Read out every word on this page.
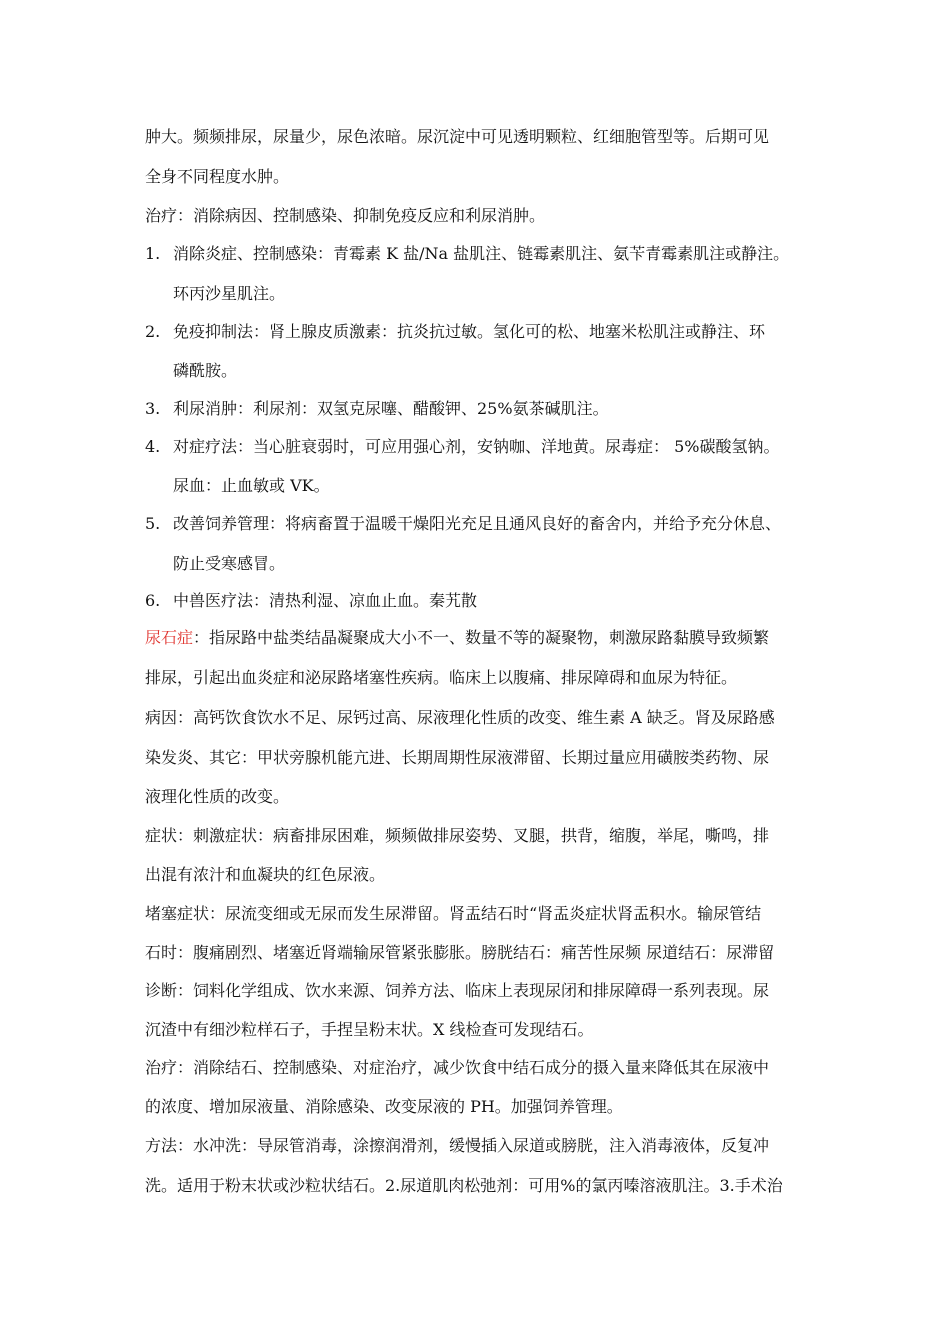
肿大。频频排尿，尿量少，尿色浓暗。尿沉淀中可见透明颗粒、红细胞管型等。后期可见
全身不同程度水肿。
治疗：消除病因、控制感染、抑制免疫反应和利尿消肿。
1. 消除炎症、控制感染：青霉素 K 盐/Na 盐肌注、链霉素肌注、氨苄青霉素肌注或静注。
环丙沙星肌注。
2. 免疫抑制法：肾上腺皮质激素：抗炎抗过敏。氢化可的松、地塞米松肌注或静注、环
磷酰胺。
3. 利尿消肿：利尿剂：双氢克尿噻、醋酸钾、25%氨茶碱肌注。
4. 对症疗法：当心脏衰弱时，可应用强心剂，安钠咖、洋地黄。尿毒症： 5%碳酸氢钠。
尿血：止血敏或 VK。
5. 改善饲养管理：将病畜置于温暖干燥阳光充足且通风良好的畜舍内，并给予充分休息、
防止受寒感冒。
6. 中兽医疗法：清热利湿、凉血止血。秦艽散
尿石症：指尿路中盐类结晶凝聚成大小不一、数量不等的凝聚物，刺激尿路黏膜导致频繁
排尿，引起出血炎症和泌尿路堵塞性疾病。临床上以腹痛、排尿障碍和血尿为特征。
病因：高钙饮食饮水不足、尿钙过高、尿液理化性质的改变、维生素 A 缺乏。肾及尿路感
染发炎、其它：甲状旁腺机能亢进、长期周期性尿液滞留、长期过量应用磺胺类药物、尿
液理化性质的改变。
症状：刺激症状：病畜排尿困难，频频做排尿姿势、叉腿，拱背，缩腹，举尾，嘶鸣，排
出混有浓汁和血凝块的红色尿液。
堵塞症状：尿流变细或无尿而发生尿滞留。肾盂结石时“肾盂炎症状肾盂积水。输尿管结
石时：腹痛剧烈、堵塞近肾端输尿管紧张膨胀。膀胱结石：痛苦性尿频 尿道结石：尿滞留
诊断：饲料化学组成、饮水来源、饲养方法、临床上表现尿闭和排尿障碍一系列表现。尿
沉渣中有细沙粒样石子，手捏呈粉末状。X 线检查可发现结石。
治疗：消除结石、控制感染、对症治疗，减少饮食中结石成分的摄入量来降低其在尿液中
的浓度、增加尿液量、消除感染、改变尿液的 PH。加强饲养管理。
方法：水冲洗：导尿管消毒，涂擦润滑剂，缓慢插入尿道或膀胱，注入消毒液体，反复冲
洗。适用于粉末状或沙粒状结石。2.尿道肌肉松弛剂：可用%的氯丙嗪溶液肌注。3.手术治
